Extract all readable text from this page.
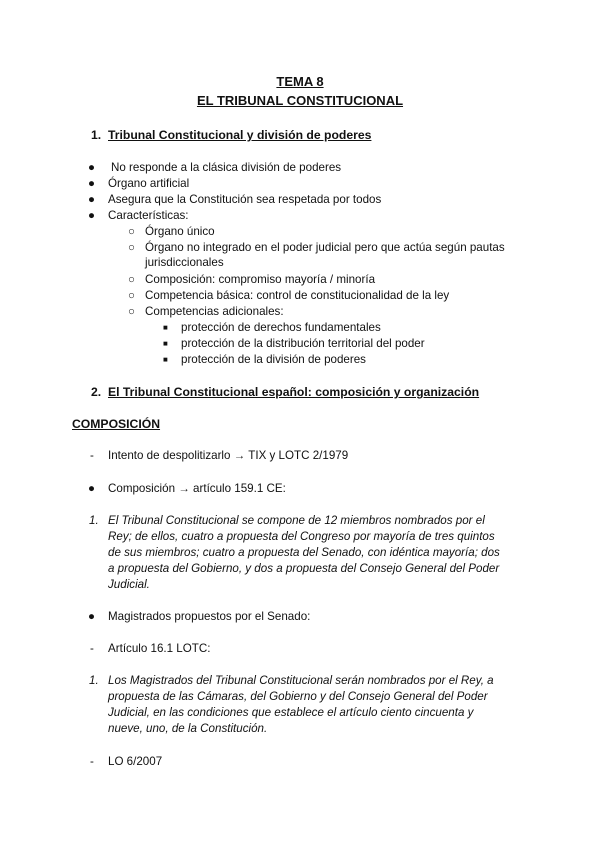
TEMA 8
EL TRIBUNAL CONSTITUCIONAL
1. Tribunal Constitucional y división de poderes
● No responde a la clásica división de poderes
● Órgano artificial
● Asegura que la Constitución sea respetada por todos
● Características:
○ Órgano único
○ Órgano no integrado en el poder judicial pero que actúa según pautas
jurisdiccionales
○ Composición: compromiso mayoría / minoría
○ Competencia básica: control de constitucionalidad de la ley
○ Competencias adicionales:
■ protección de derechos fundamentales
■ protección de la distribución territorial del poder
■ protección de la división de poderes
2. El Tribunal Constitucional español: composición y organización
COMPOSICIÓN
- Intento de despolitizarlo → TIX y LOTC 2/1979
● Composición → artículo 159.1 CE:
1. El Tribunal Constitucional se compone de 12 miembros nombrados por el
Rey; de ellos, cuatro a propuesta del Congreso por mayoría de tres quintos
de sus miembros; cuatro a propuesta del Senado, con idéntica mayoría; dos
a propuesta del Gobierno, y dos a propuesta del Consejo General del Poder
Judicial.
● Magistrados propuestos por el Senado:
- Artículo 16.1 LOTC:
1. Los Magistrados del Tribunal Constitucional serán nombrados por el Rey, a
propuesta de las Cámaras, del Gobierno y del Consejo General del Poder
Judicial, en las condiciones que establece el artículo ciento cincuenta y
nueve, uno, de la Constitución.
- LO 6/2007
